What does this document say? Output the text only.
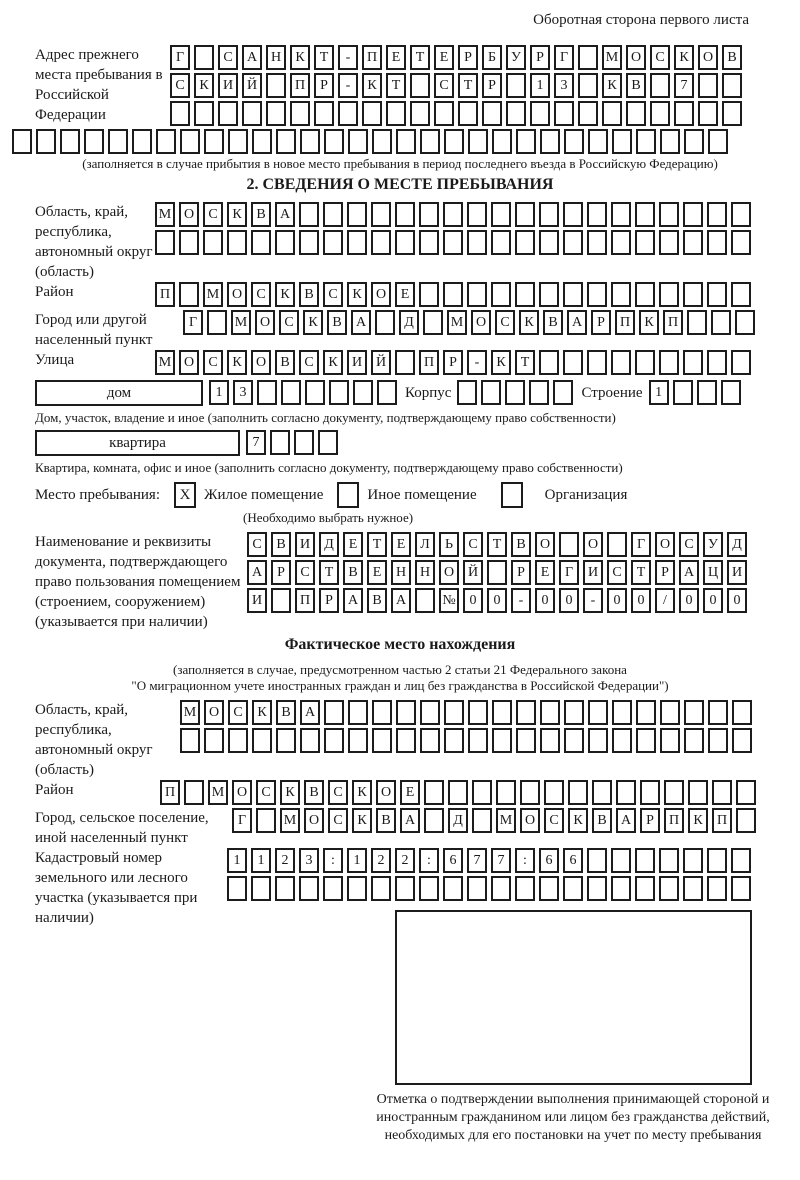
Оборотная сторона первого листа
Адрес прежнего места пребывания в Российской Федерации
Г	С	А Н	К	Т	-	П	Е	Т	Е	Р	Б	У	Р	Г	М О	С	К	О	В
С	К	И Й	П	Р	-	К	Т	С	Т	Р	1	3	К	В	7
(заполняется в случае прибытия в новое место пребывания в период последнего въезда в Российскую Федерацию)
2. СВЕДЕНИЯ О МЕСТЕ ПРЕБЫВАНИЯ
Область, край, республика, автономный округ (область)
М О	С	К	В	А
Район	П	М О	С	К	В	С	К	О	Е
Город или другой населенный пункт
Г	М О	С	К	В	А	Д	М О	С	К	В	А	Р	П	К	П
Улица	М О	С	К	О	В	С	К	И Й	П	Р	-	К	Т
дом	1	3	Корпус	Строение 1
Дом, участок, владение и иное (заполнить согласно документу, подтверждающему право собственности)
квартира	7
Квартира, комната, офис и иное (заполнить согласно документу, подтверждающему право собственности)
Место пребывания:	X Жилое помещение	Иное помещение	Организация
(Необходимо выбрать нужное)
Наименование и реквизиты документа, подтверждающего право пользования помещением (строением, сооружением) (указывается при наличии)
С	В	И	Д	Е	Т	Е	Л	Ь	С	Т	В	О	О	Г	О	С	У	Д
А	Р	С	Т	В	Е	Н Н О Й	Р	Е	Г	И	С	Т	Р	А Ц И
И	П	Р	А	В	А	№ 0	0	-	0	0	-	0	0	/	0	0	0
Фактическое место нахождения
(заполняется в случае, предусмотренном частью 2 статьи 21 Федерального закона
"О миграционном учете иностранных граждан и лиц без гражданства в Российской Федерации")
Область, край, республика, автономный округ (область)
М О	С	К	В	А
Район	П	М О	С	К	В	С	К	О	Е
Город, сельское поселение, иной населенный пункт
Г	М О	С	К	В	А	Д	М О	С	К	В	А	Р	П	К	П
Кадастровый номер земельного или лесного участка (указывается при наличии)
1	1	2	3	:	1	2	2	:	6	7	7	:	6	6
Отметка о подтверждении выполнения принимающей стороной и иностранным гражданином или лицом без гражданства действий, необходимых для его постановки на учет по месту пребывания
